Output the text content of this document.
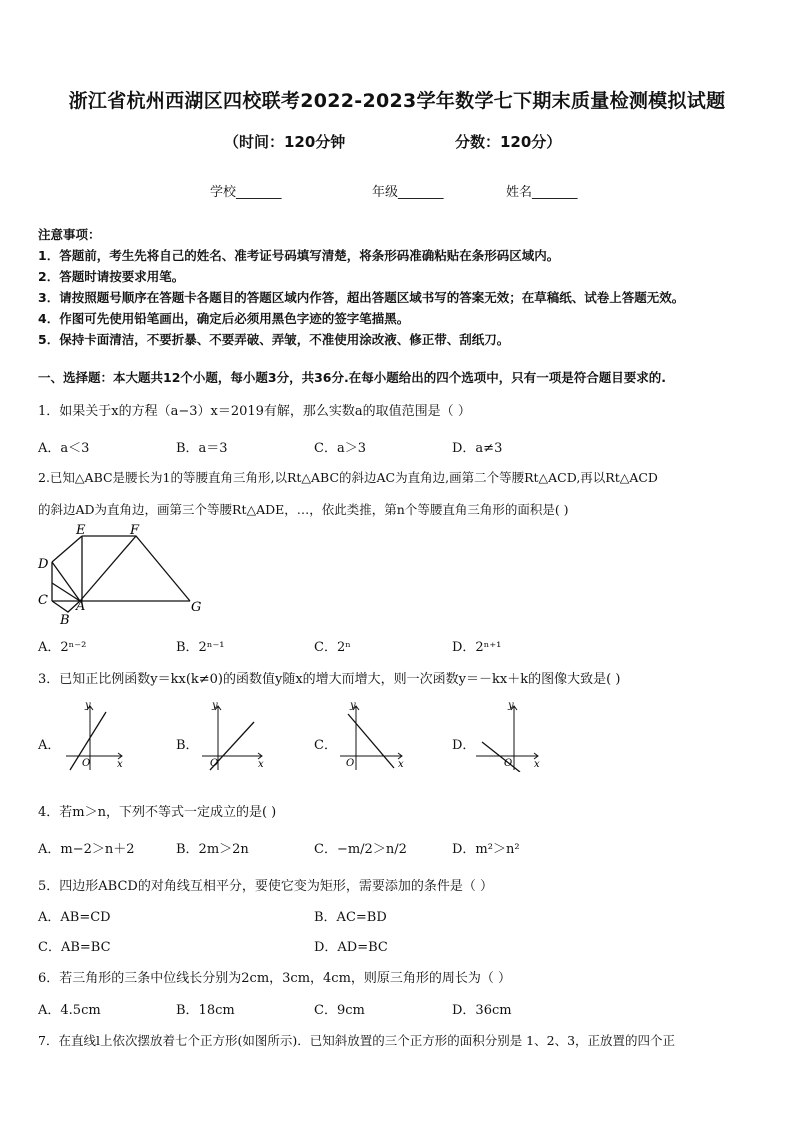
浙江省杭州西湖区四校联考2022-2023学年数学七下期末质量检测模拟试题
（时间：120分钟	分数：120分）
学校_______	年级_______	姓名_______
注意事项：
1．答题前，考生先将自己的姓名、准考证号码填写清楚，将条形码准确粘贴在条形码区域内。
2．答题时请按要求用笔。
3．请按照题号顺序在答题卡各题目的答题区域内作答，超出答题区域书写的答案无效；在草稿纸、试卷上答题无效。
4．作图可先使用铅笔画出，确定后必须用黑色字迹的签字笔描黑。
5．保持卡面清洁，不要折暴、不要弄破、弄皱，不准使用涂改液、修正带、刮纸刀。
一、选择题：本大题共12个小题，每小题3分，共36分.在每小题给出的四个选项中，只有一项是符合题目要求的.
1．如果关于x的方程（a−3）x＝2019有解，那么实数a的取值范围是（ ）
A．a＜3	B．a＝3	C．a＞3	D．a≠3
2.已知△ABC是腰长为1的等腰直角三角形,以Rt△ABC的斜边AC为直角边,画第二个等腰Rt△ACD,再以Rt△ACD
的斜边AD为直角边，画第三个等腰Rt△ADE，…，依此类推，第n个等腰直角三角形的面积是( )
E	F
D
C A
B
G
A．2ⁿ⁻²	B．2ⁿ⁻¹	C．2ⁿ	D．2ⁿ⁺¹
3．已知正比例函数y＝kx(k≠0)的函数值y随x的增大而增大，则一次函数y＝－kx＋k的图像大致是( )
A．
y
x
O
B．
y
x
O
C．
y
x
O
D．
y
x
O
4．若m＞n，下列不等式一定成立的是( )
A．m−2＞n＋2	B．2m＞2n	C．−m/2＞n/2	D．m²＞n²
5．四边形ABCD的对角线互相平分，要使它变为矩形，需要添加的条件是（ ）
A．AB=CD	B．AC=BD
C．AB=BC	D．AD=BC
6．若三角形的三条中位线长分别为2cm，3cm，4cm，则原三角形的周长为（ ）
A．4.5cm	B．18cm	C．9cm	D．36cm
7．在直线l上依次摆放着七个正方形(如图所示)．已知斜放置的三个正方形的面积分别是 1、2、3，正放置的四个正
